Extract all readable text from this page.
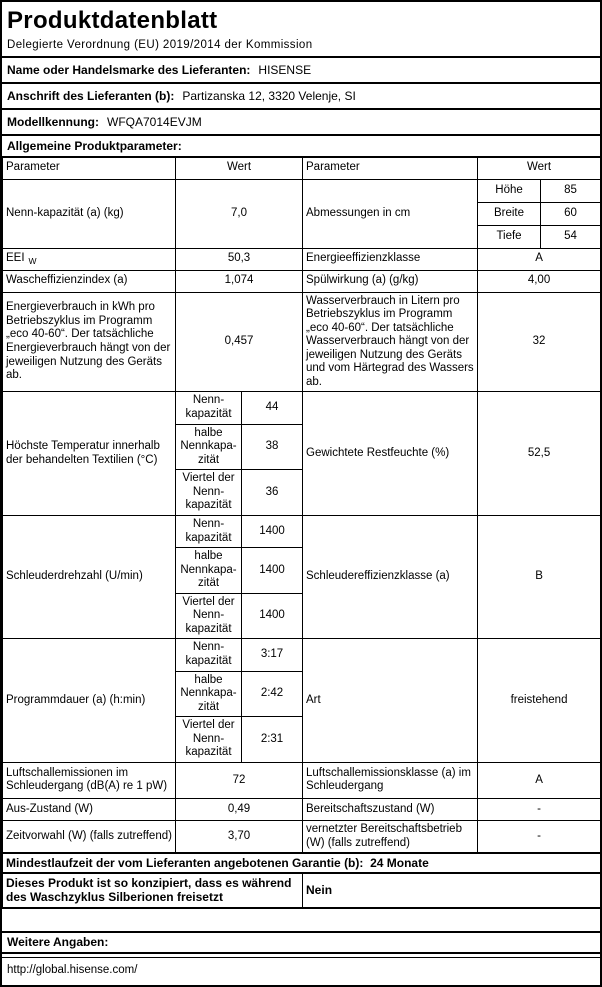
Produktdatenblatt
Delegierte Verordnung (EU) 2019/2014 der Kommission
Name oder Handelsmarke des Lieferanten: HISENSE
Anschrift des Lieferanten (b): Partizanska 12, 3320 Velenje, SI
Modellkennung: WFQA7014EVJM
Allgemeine Produktparameter:
Parameter	Wert		Parameter	Wert	
Nenn-kapazität (a) (kg)	7,0		Abmessungen in cm	Höhe	85
				Breite	60
				Tiefe	54
EEI $_W$	50,3		Energieeffizienzklasse	A	
Wascheffizienzindex (a)	1,074		Spülwirkung (a) (g/kg)	4,00	
Energieverbrauch in kWh pro Betriebszyklus im Programm „eco 40-60“. Der tatsächliche Energieverbrauch hängt von der jeweiligen Nutzung des Geräts ab.	0,457		Wasserverbrauch in Litern pro Betriebszyklus im Programm „eco 40-60“. Der tatsächliche Wasserverbrauch hängt von der jeweiligen Nutzung des Geräts und vom Härtegrad des Wassers ab.	32	
Höchste Temperatur innerhalb der behandelten Textilien (°C)	Nenn-kapazität	44	Gewichtete Restfeuchte (%)	52,5	
	halbe Nennkapa-zität	38			
	Viertel der Nenn-kapazität	36			
Schleuderdrehzahl (U/min)	Nenn-kapazität	1400	Schleudereffizienzklasse (a)	B	
	halbe Nennkapa-zität	1400			
	Viertel der Nenn-kapazität	1400			
Programmdauer (a) (h:min)	Nenn-kapazität	3:17	Art	freistehend	
	halbe Nennkapa-zität	2:42			
	Viertel der Nenn-kapazität	2:31			
Luftschallemissionen im Schleudergang (dB(A) re 1 pW)	72		Luftschallemissionsklasse (a) im Schleudergang	A	
Aus-Zustand (W)	0,49		Bereitschaftszustand (W)	-	
Zeitvorwahl (W) (falls zutreffend)	3,70		vernetzter Bereitschaftsbetrieb (W) (falls zutreffend)	-	
Mindestlaufzeit der vom Lieferanten angebotenen Garantie (b): 24 Monate					
Dieses Produkt ist so konzipiert, dass es während des Waschzyklus Silberionen freisetzt			Nein		
Weitere Angaben:
http://global.hisense.com/
